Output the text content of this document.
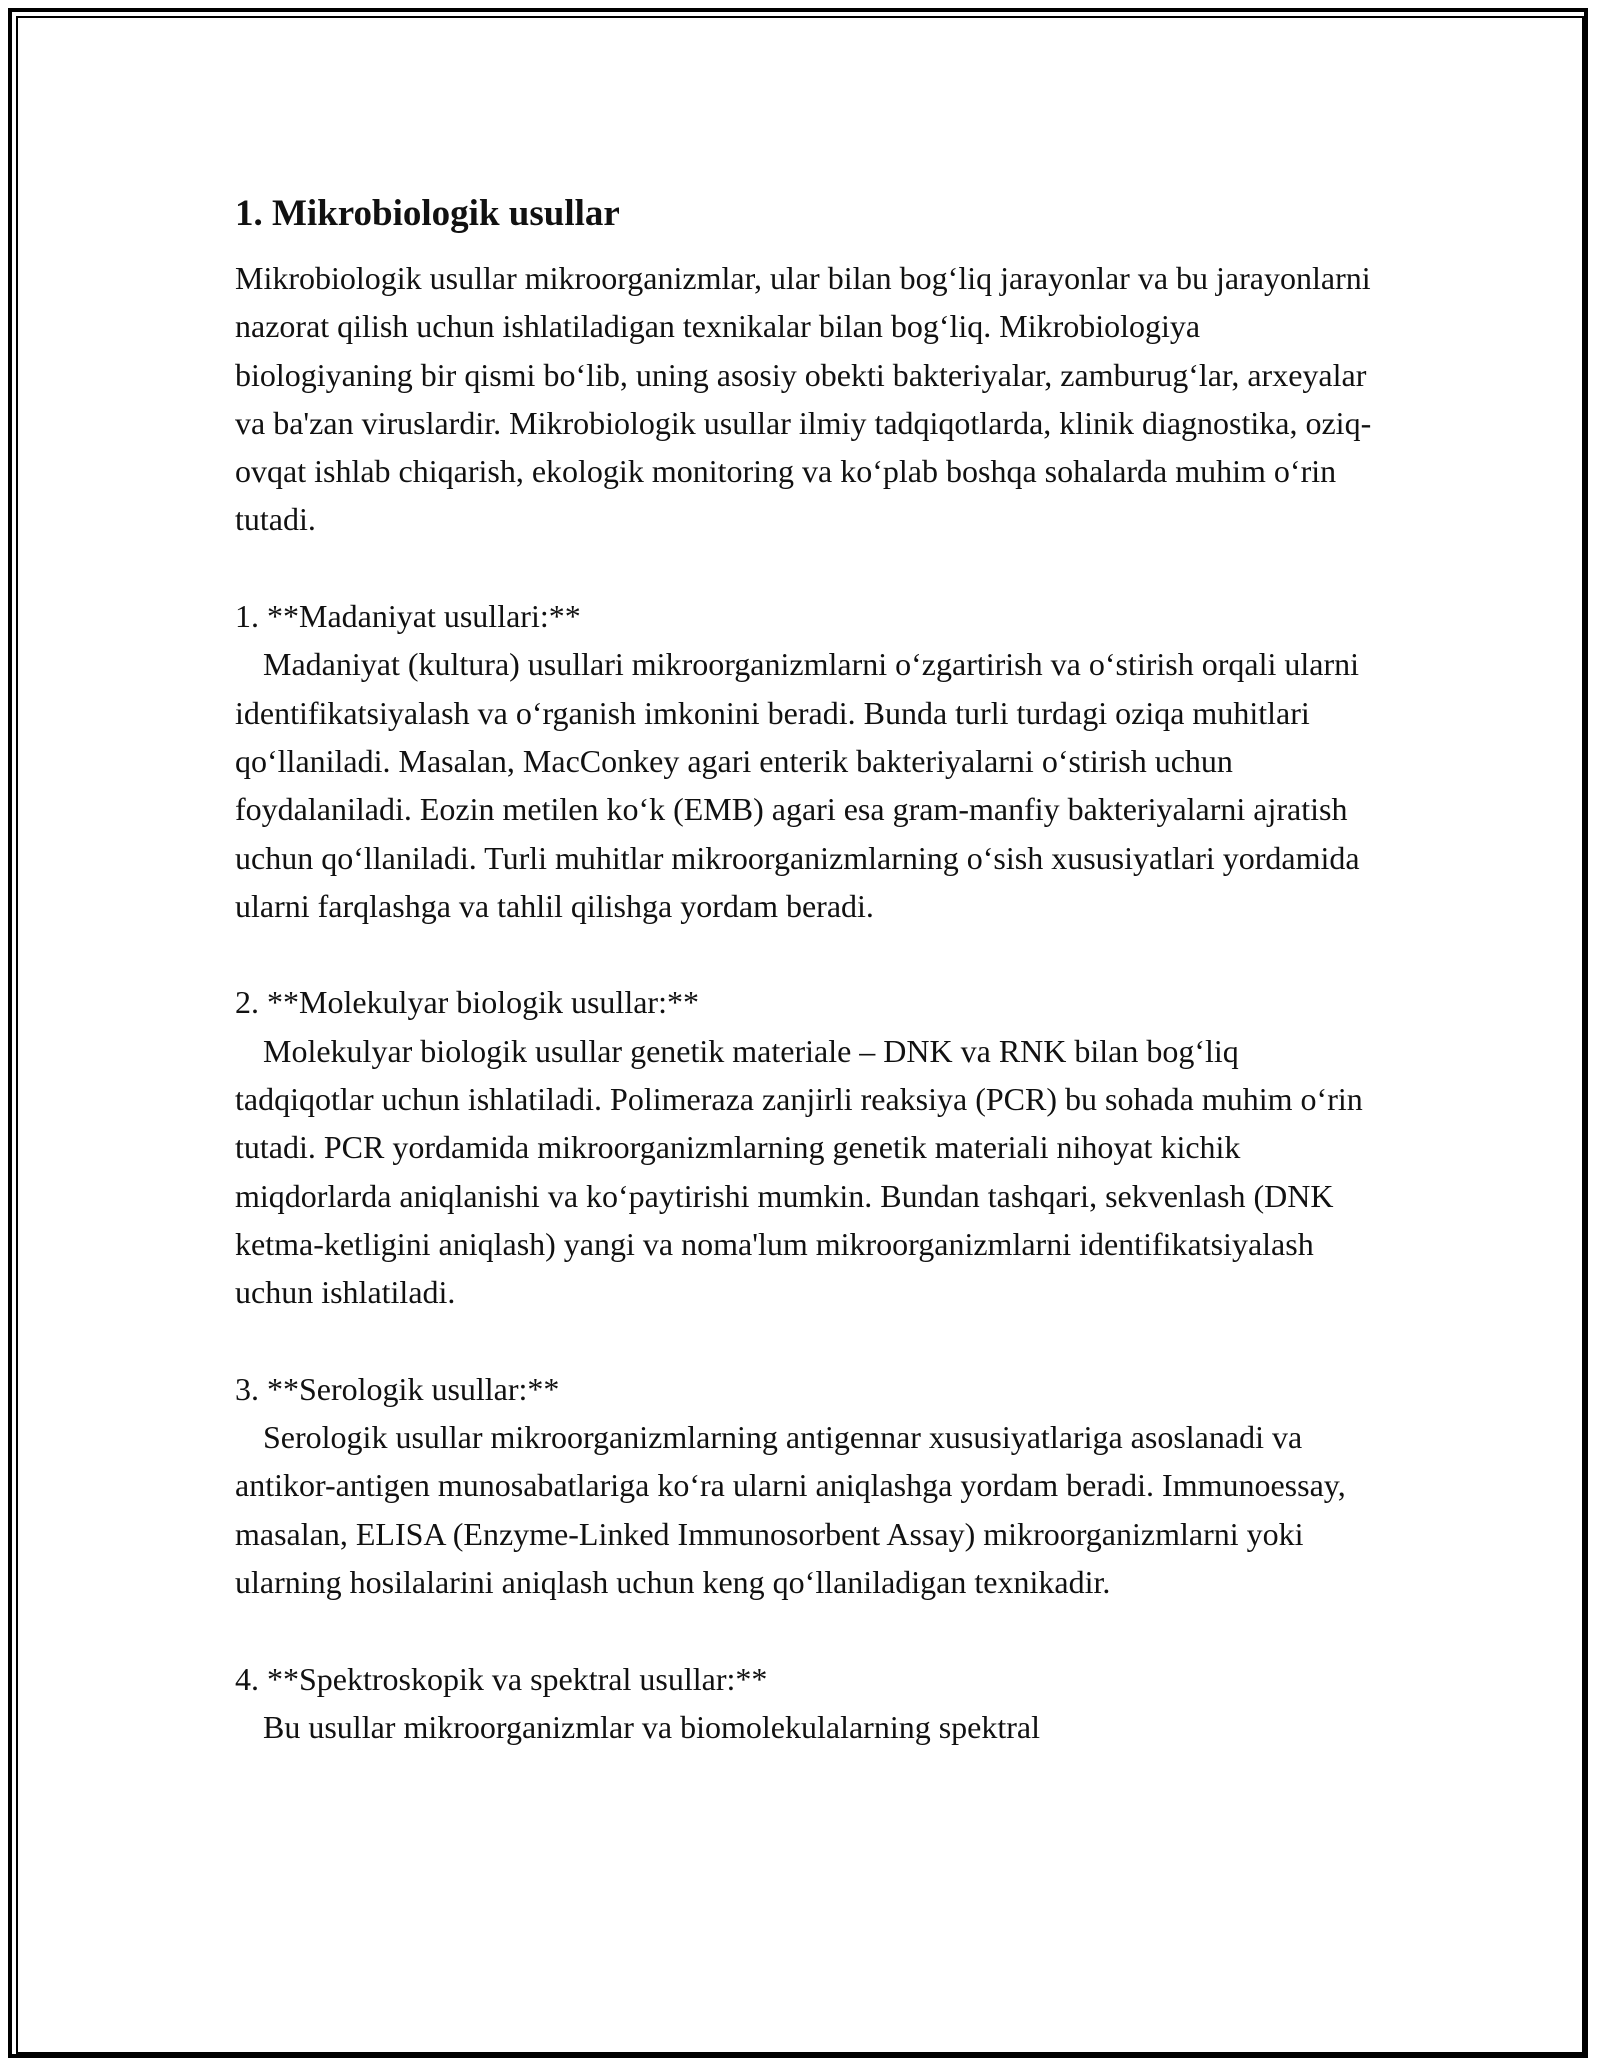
1. Mikrobiologik usullar

Mikrobiologik usullar mikroorganizmlar, ular bilan bog‘liq jarayonlar va bu jarayonlarni nazorat qilish uchun ishlatiladigan texnikalar bilan bog‘liq. Mikrobiologiya biologiyaning bir qismi bo‘lib, uning asosiy obekti bakteriyalar, zamburug‘lar, arxeyalar va ba'zan viruslardir. Mikrobiologik usullar ilmiy tadqiqotlarda, klinik diagnostika, oziq-ovqat ishlab chiqarish, ekologik monitoring va ko‘plab boshqa sohalarda muhim o‘rin tutadi.

1. **Madaniyat usullari:**

Madaniyat (kultura) usullari mikroorganizmlarni o‘zgartirish va o‘stirish orqali ularni identifikatsiyalash va o‘rganish imkonini beradi. Bunda turli turdagi oziqa muhitlari qo‘llaniladi. Masalan, MacConkey agari enterik bakteriyalarni o‘stirish uchun foydalaniladi. Eozin metilen ko‘k (EMB) agari esa gram-manfiy bakteriyalarni ajratish uchun qo‘llaniladi. Turli muhitlar mikroorganizmlarning o‘sish xususiyatlari yordamida ularni farqlashga va tahlil qilishga yordam beradi.

2. **Molekulyar biologik usullar:**

Molekulyar biologik usullar genetik materiale – DNK va RNK bilan bog‘liq tadqiqotlar uchun ishlatiladi. Polimeraza zanjirli reaksiya (PCR) bu sohada muhim o‘rin tutadi. PCR yordamida mikroorganizmlarning genetik materiali nihoyat kichik miqdorlarda aniqlanishi va ko‘paytirishi mumkin. Bundan tashqari, sekvenlash (DNK ketma-ketligini aniqlash) yangi va noma'lum mikroorganizmlarni identifikatsiyalash uchun ishlatiladi.

3. **Serologik usullar:**

Serologik usullar mikroorganizmlarning antigennar xususiyatlariga asoslanadi va antikor-antigen munosabatlariga ko‘ra ularni aniqlashga yordam beradi. Immunoessay, masalan, ELISA (Enzyme-Linked Immunosorbent Assay) mikroorganizmlarni yoki ularning hosilalarini aniqlash uchun keng qo‘llaniladigan texnikadir.

4. **Spektroskopik va spektral usullar:**

Bu usullar mikroorganizmlar va biomolekulalarning spektral
